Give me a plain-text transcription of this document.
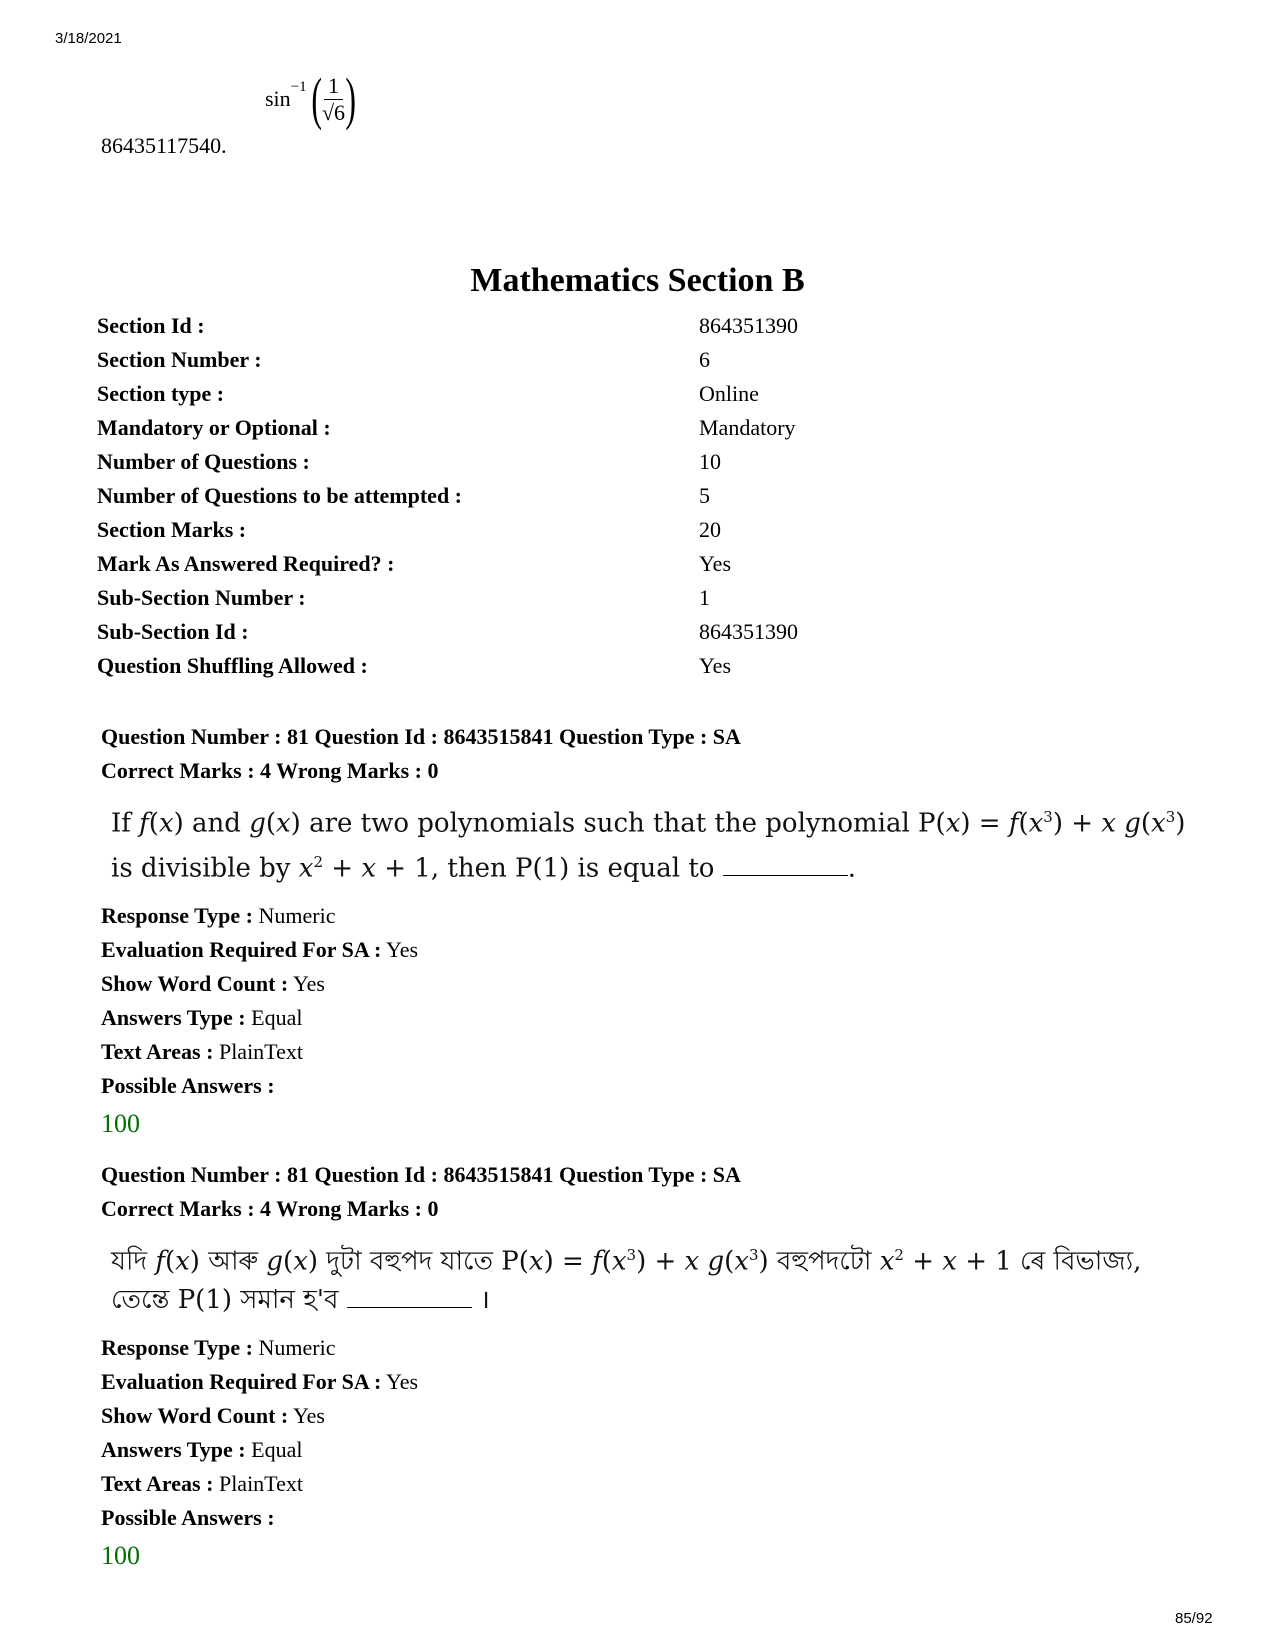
3/18/2021
sin −1 ( $\frac{1}{√6}$ )
86435117540.
Mathematics Section B
Section Id :	864351390
Section Number :	6
Section type :	Online
Mandatory or Optional :	Mandatory
Number of Questions :	10
Number of Questions to be attempted :	5
Section Marks :	20
Mark As Answered Required? :	Yes
Sub-Section Number :	1
Sub-Section Id :	864351390
Question Shuffling Allowed :	Yes
Question Number : 81 Question Id : 8643515841 Question Type : SA
Correct Marks : 4 Wrong Marks : 0
If f(x) and g(x) are two polynomials such that the polynomial $P(x) = f(x^3) + x$ $g(x^3)$ is divisible by $x^2 + x + 1$, then P(1) is equal to	.
Response Type : Numeric
Evaluation Required For SA : Yes
Show Word Count : Yes
Answers Type : Equal
Text Areas : PlainText
Possible Answers :
100
Question Number : 81 Question Id : 8643515841 Question Type : SA
Correct Marks : 4 Wrong Marks : 0
যদি f(x) আৰু g(x) দুটা বহুপদ যাতে $P(x) = f(x^3) + x$ $g(x^3)$ বহুপদটো $x^2 + x + 1$ ৰে বিভাজ্য, তেন্তে P(1) সমান হ'ব	।
Response Type : Numeric
Evaluation Required For SA : Yes
Show Word Count : Yes
Answers Type : Equal
Text Areas : PlainText
Possible Answers :
100
85/92
